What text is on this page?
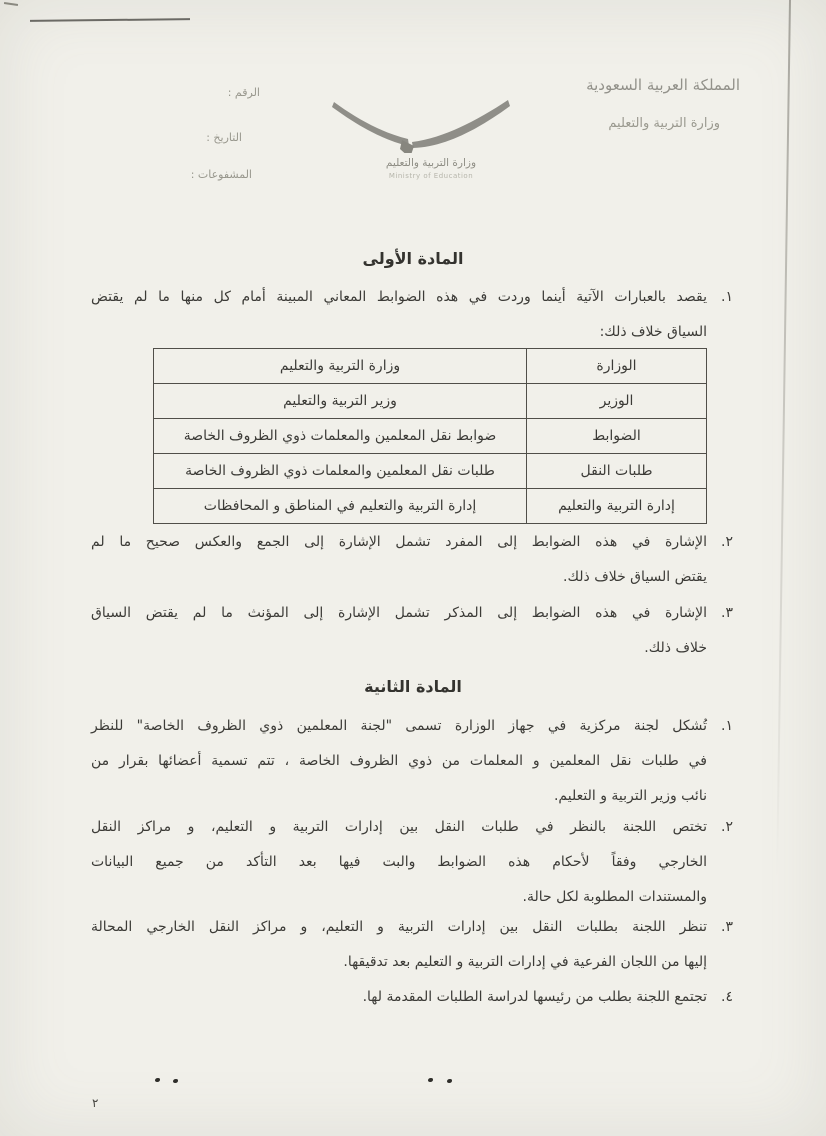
المملكة العربية السعودية
وزارة التربية والتعليم
الرقم :
التاريخ :
المشفوعات :
وزارة التربية والتعليم
Ministry of Education
المادة الأولى
١.
يقصد بالعبارات الآتية أينما وردت في هذه الضوابط المعاني المبينة أمام كل منها ما لم يقتض
السياق خلاف ذلك:
الوزارة	وزارة التربية والتعليم
الوزير	وزير التربية والتعليم
الضوابط	ضوابط نقل المعلمين والمعلمات ذوي الظروف الخاصة
طلبات النقل	طلبات نقل المعلمين والمعلمات ذوي الظروف الخاصة
إدارة التربية والتعليم	إدارة التربية والتعليم في المناطق و المحافظات
٢.
الإشارة في هذه الضوابط إلى المفرد تشمل الإشارة إلى الجمع والعكس صحيح ما لم
يقتض السياق خلاف ذلك.
٣.
الإشارة في هذه الضوابط إلى المذكر تشمل الإشارة إلى المؤنث ما لم يقتض السياق
خلاف ذلك.
المادة الثانية
١.
تُشكل لجنة مركزية في جهاز الوزارة تسمى "لجنة المعلمين ذوي الظروف الخاصة" للنظر
في طلبات نقل المعلمين و المعلمات من ذوي الظروف الخاصة ، تتم تسمية أعضائها بقرار من
نائب وزير التربية و التعليم.
٢.
تختص اللجنة بالنظر في طلبات النقل بين إدارات التربية و التعليم، و مراكز النقل
الخارجي وفقاً لأحكام هذه الضوابط والبت فيها بعد التأكد من جميع البيانات
والمستندات المطلوبة لكل حالة.
٣.
تنظر اللجنة بطلبات النقل بين إدارات التربية و التعليم، و مراكز النقل الخارجي المحالة
إليها من اللجان الفرعية في إدارات التربية و التعليم بعد تدقيقها.
٤.
تجتمع اللجنة بطلب من رئيسها لدراسة الطلبات المقدمة لها.
٢
